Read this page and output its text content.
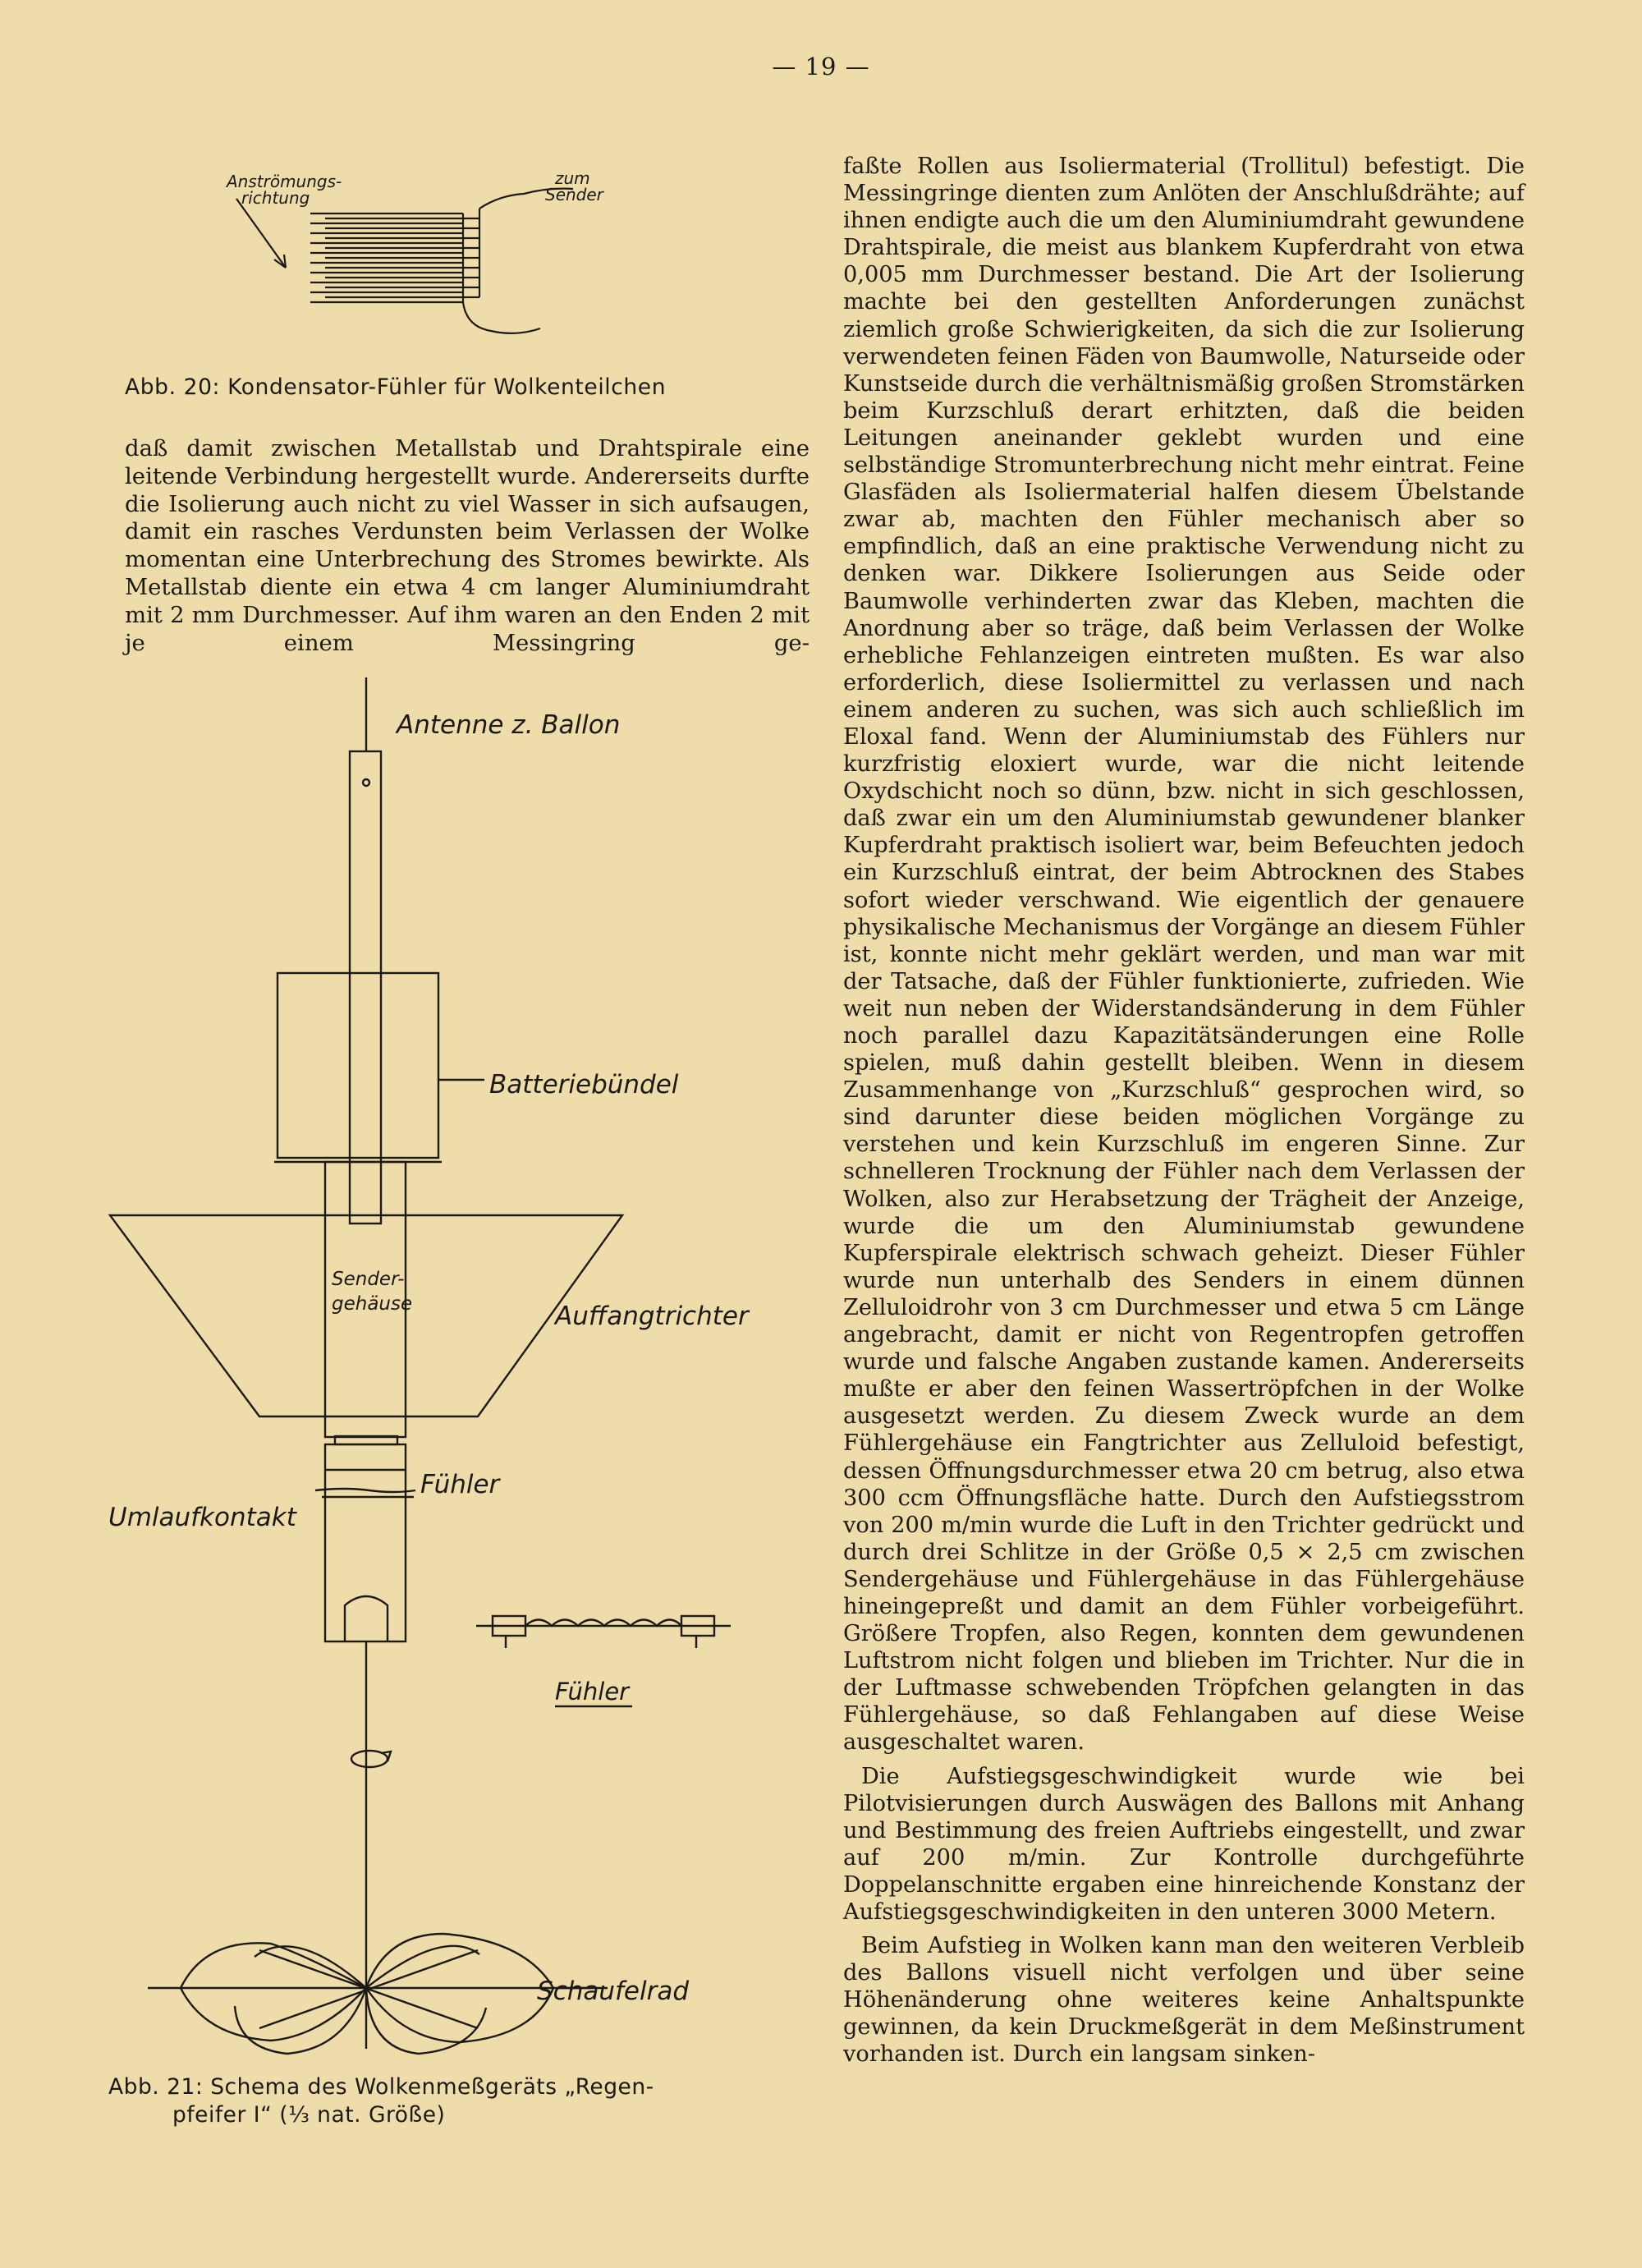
— 19 —
Anströmungs-
richtung
zum
Sender
Abb. 20: Kondensator-Fühler für Wolkenteilchen

daß damit zwischen Metallstab und Drahtspirale eine leitende Verbindung hergestellt wurde. Andererseits durfte die Isolierung auch nicht zu viel Wasser in sich aufsaugen, damit ein rasches Verdunsten beim Verlassen der Wolke momentan eine Unterbrechung des Stromes bewirkte. Als Metallstab diente ein etwa 4 cm langer Aluminiumdraht mit 2 mm Durchmesser. Auf ihm waren an den Enden 2 mit je einem Messingring ge-

Antenne z. Ballon
Batteriebündel
Sender-
gehäuse	Auffangtrichter
Fühler
Umlaufkontakt
Fühler
Schaufelrad
Abb. 21: Schema des Wolkenmeßgeräts „Regen-
pfeifer I“ (⅓ nat. Größe)

faßte Rollen aus Isoliermaterial (Trollitul) befestigt. Die Messingringe dienten zum Anlöten der Anschlußdrähte; auf ihnen endigte auch die um den Aluminiumdraht gewundene Drahtspirale, die meist aus blankem Kupferdraht von etwa 0,005 mm Durchmesser bestand. Die Art der Isolierung machte bei den gestellten Anforderungen zunächst ziemlich große Schwierigkeiten, da sich die zur Isolierung verwendeten feinen Fäden von Baumwolle, Naturseide oder Kunstseide durch die verhältnismäßig großen Stromstärken beim Kurzschluß derart erhitzten, daß die beiden Leitungen aneinander geklebt wurden und eine selbständige Stromunterbrechung nicht mehr eintrat. Feine Glasfäden als Isoliermaterial halfen diesem Übelstande zwar ab, machten den Fühler mechanisch aber so empfindlich, daß an eine praktische Verwendung nicht zu denken war. Dikkere Isolierungen aus Seide oder Baumwolle verhinderten zwar das Kleben, machten die Anordnung aber so träge, daß beim Verlassen der Wolke erhebliche Fehlanzeigen eintreten mußten. Es war also erforderlich, diese Isoliermittel zu verlassen und nach einem anderen zu suchen, was sich auch schließlich im Eloxal fand. Wenn der Aluminiumstab des Fühlers nur kurzfristig eloxiert wurde, war die nicht leitende Oxydschicht noch so dünn, bzw. nicht in sich geschlossen, daß zwar ein um den Aluminiumstab gewundener blanker Kupferdraht praktisch isoliert war, beim Befeuchten jedoch ein Kurzschluß eintrat, der beim Abtrocknen des Stabes sofort wieder verschwand. Wie eigentlich der genauere physikalische Mechanismus der Vorgänge an diesem Fühler ist, konnte nicht mehr geklärt werden, und man war mit der Tatsache, daß der Fühler funktionierte, zufrieden. Wie weit nun neben der Widerstandsänderung in dem Fühler noch parallel dazu Kapazitätsänderungen eine Rolle spielen, muß dahin gestellt bleiben. Wenn in diesem Zusammenhange von „Kurzschluß“ gesprochen wird, so sind darunter diese beiden möglichen Vorgänge zu verstehen und kein Kurzschluß im engeren Sinne. Zur schnelleren Trocknung der Fühler nach dem Verlassen der Wolken, also zur Herabsetzung der Trägheit der Anzeige, wurde die um den Aluminiumstab gewundene Kupferspirale elektrisch schwach geheizt. Dieser Fühler wurde nun unterhalb des Senders in einem dünnen Zelluloidrohr von 3 cm Durchmesser und etwa 5 cm Länge angebracht, damit er nicht von Regentropfen getroffen wurde und falsche Angaben zustande kamen. Andererseits mußte er aber den feinen Wassertröpfchen in der Wolke ausgesetzt werden. Zu diesem Zweck wurde an dem Fühlergehäuse ein Fangtrichter aus Zelluloid befestigt, dessen Öffnungsdurchmesser etwa 20 cm betrug, also etwa 300 ccm Öffnungsfläche hatte. Durch den Aufstiegsstrom von 200 m/min wurde die Luft in den Trichter gedrückt und durch drei Schlitze in der Größe 0,5 × 2,5 cm zwischen Sendergehäuse und Fühlergehäuse in das Fühlergehäuse hineingepreßt und damit an dem Fühler vorbeigeführt. Größere Tropfen, also Regen, konnten dem gewundenen Luftstrom nicht folgen und blieben im Trichter. Nur die in der Luftmasse schwebenden Tröpfchen gelangten in das Fühlergehäuse, so daß Fehlangaben auf diese Weise ausgeschaltet waren.

Die Aufstiegsgeschwindigkeit wurde wie bei Pilotvisierungen durch Auswägen des Ballons mit Anhang und Bestimmung des freien Auftriebs eingestellt, und zwar auf 200 m/min. Zur Kontrolle durchgeführte Doppelanschnitte ergaben eine hinreichende Konstanz der Aufstiegsgeschwindigkeiten in den unteren 3000 Metern.

Beim Aufstieg in Wolken kann man den weiteren Verbleib des Ballons visuell nicht verfolgen und über seine Höhenänderung ohne weiteres keine Anhaltspunkte gewinnen, da kein Druckmeßgerät in dem Meßinstrument vorhanden ist. Durch ein langsam sinken-
